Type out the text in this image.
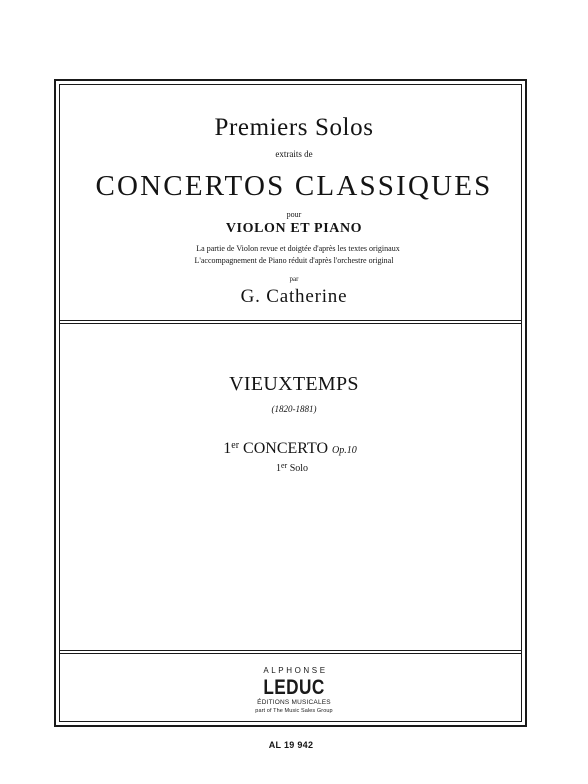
Premiers Solos
extraits de
CONCERTOS CLASSIQUES
pour
VIOLON ET PIANO
La partie de Violon revue et doigtée d'après les textes originaux
L'accompagnement de Piano réduit d'après l'orchestre original
par
G. Catherine
VIEUXTEMPS
(1820-1881)
1er CONCERTO Op.10
1er Solo
ALPHONSE
LEDUC
ÉDITIONS MUSICALES
part of The Music Sales Group
AL 19 942
